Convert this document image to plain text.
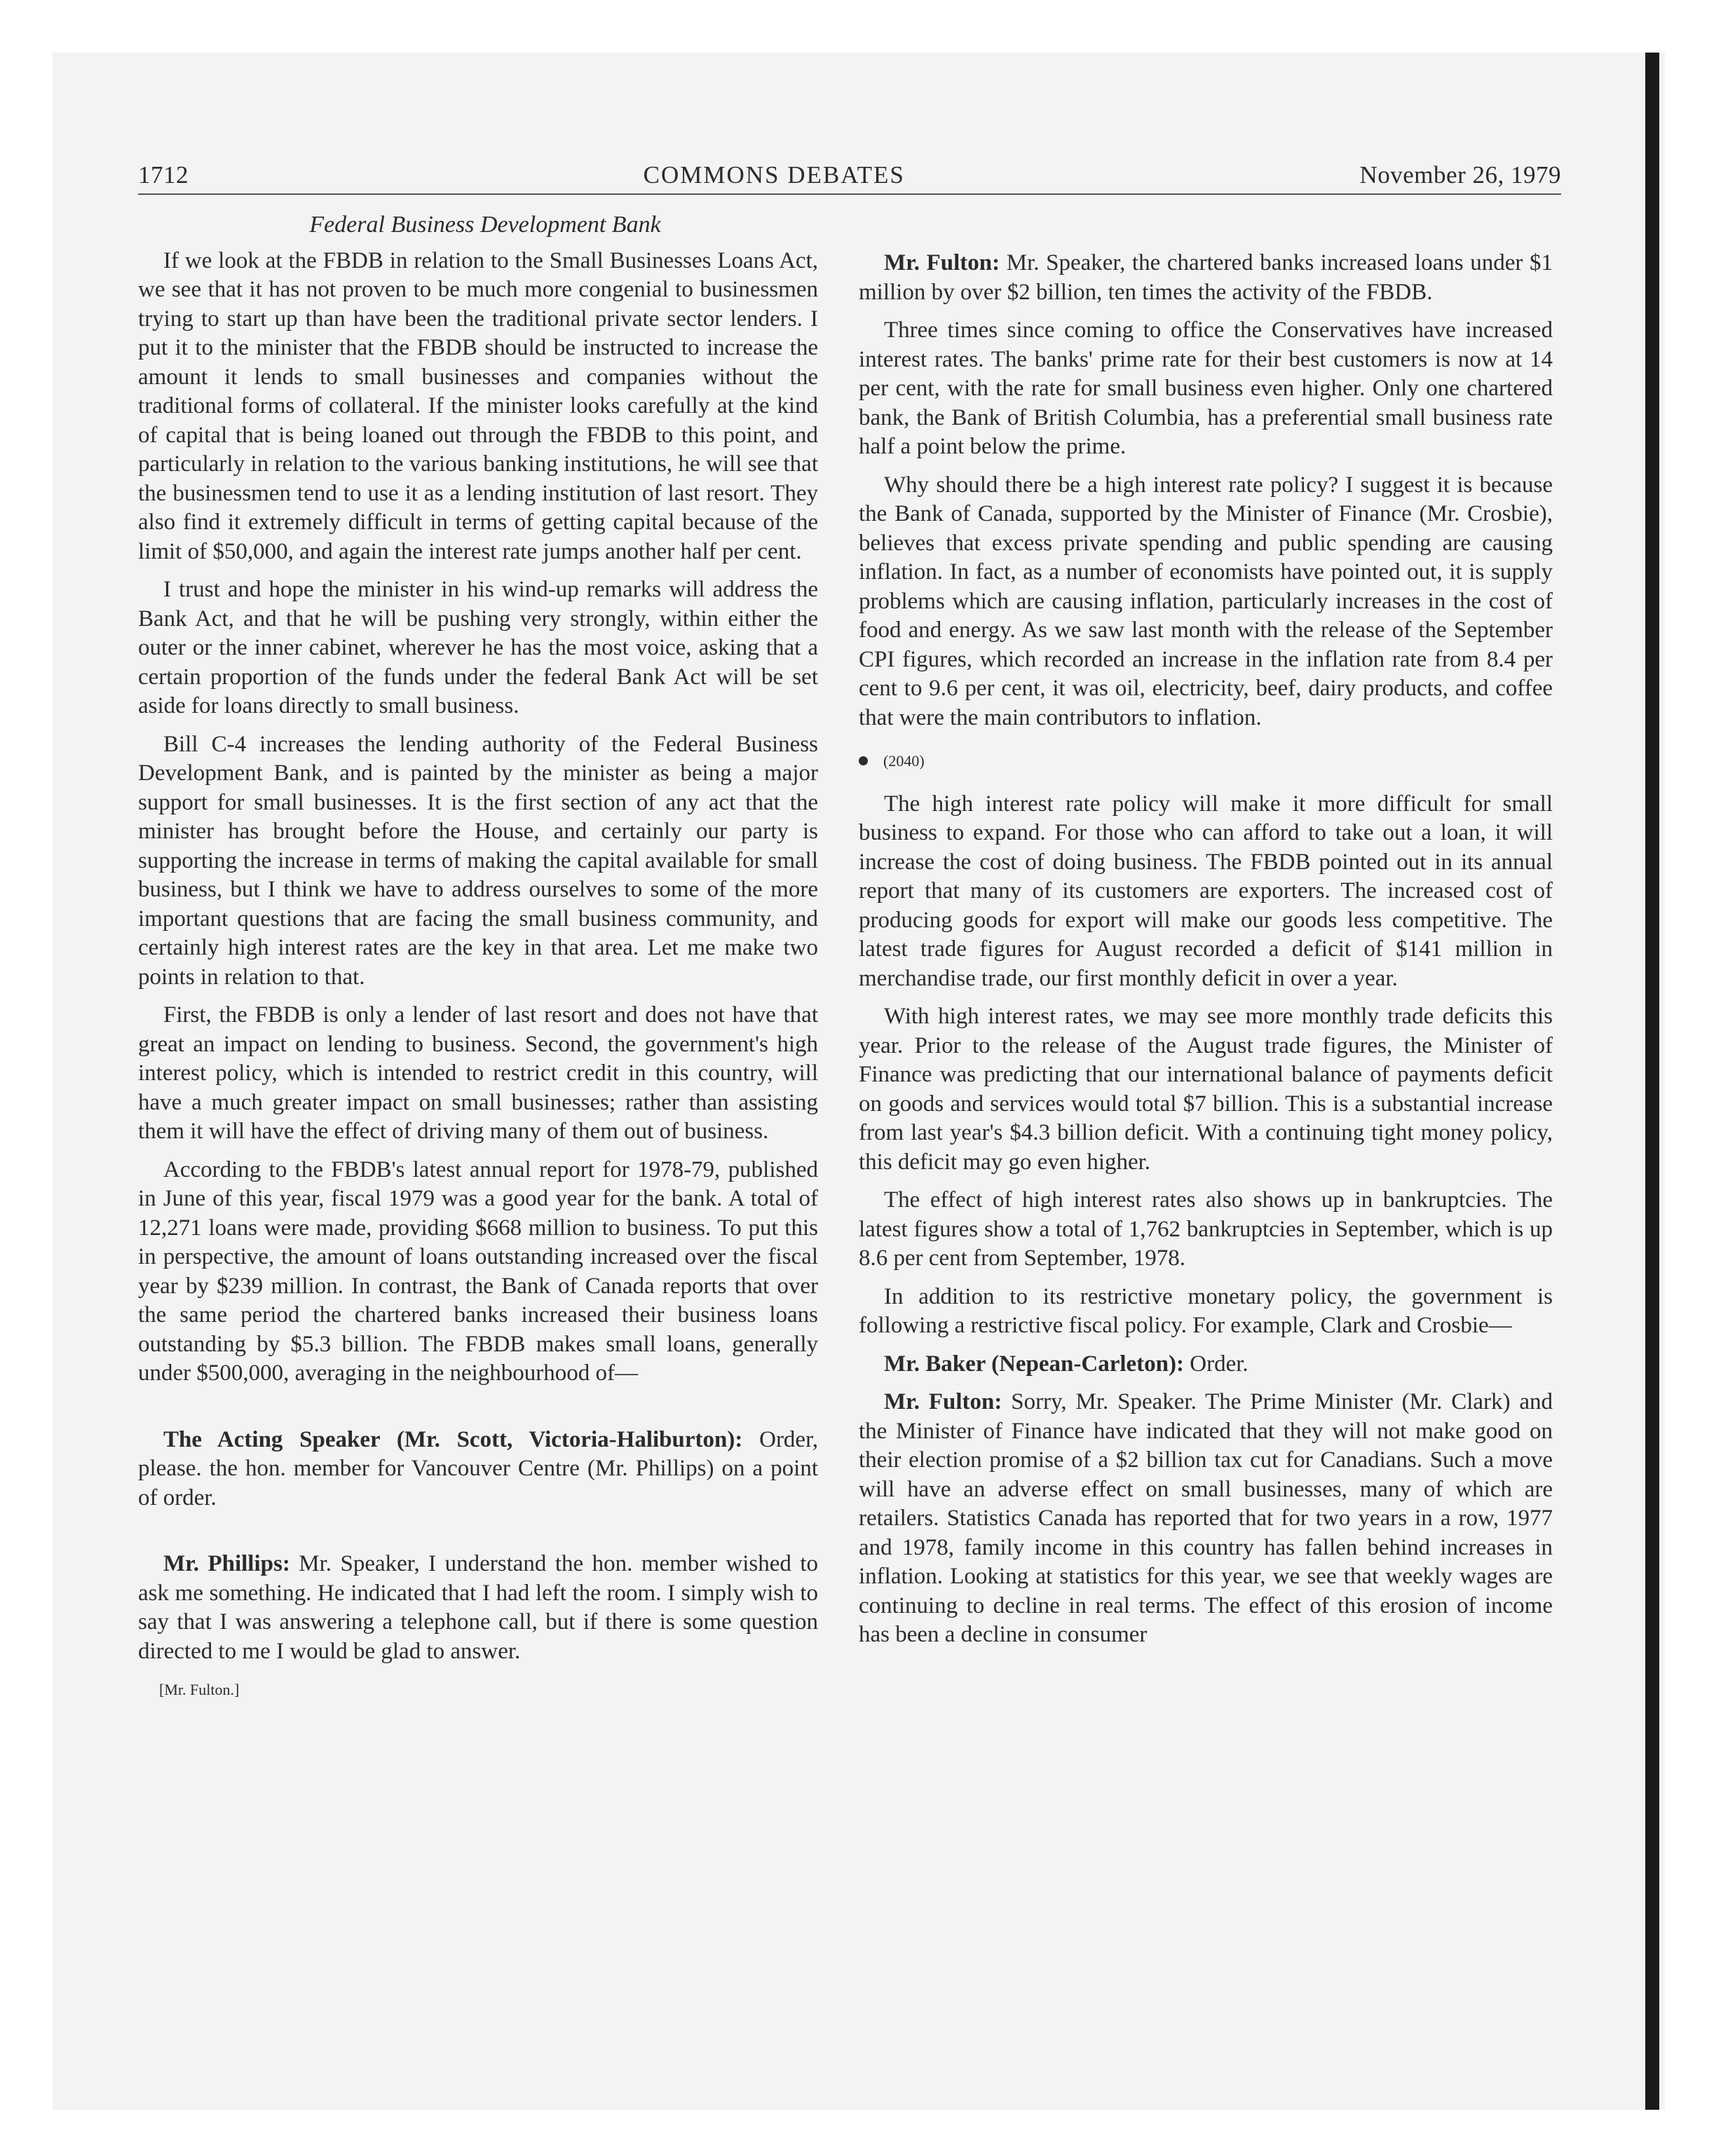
1712	COMMONS DEBATES	November 26, 1979
Federal Business Development Bank

If we look at the FBDB in relation to the Small Businesses Loans Act, we see that it has not proven to be much more congenial to businessmen trying to start up than have been the traditional private sector lenders. I put it to the minister that the FBDB should be instructed to increase the amount it lends to small businesses and companies without the traditional forms of collateral. If the minister looks carefully at the kind of capital that is being loaned out through the FBDB to this point, and particularly in relation to the various banking institutions, he will see that the businessmen tend to use it as a lending institution of last resort. They also find it extremely difficult in terms of getting capital because of the limit of $50,000, and again the interest rate jumps another half per cent.

I trust and hope the minister in his wind-up remarks will address the Bank Act, and that he will be pushing very strongly, within either the outer or the inner cabinet, wherever he has the most voice, asking that a certain proportion of the funds under the federal Bank Act will be set aside for loans directly to small business.

Bill C-4 increases the lending authority of the Federal Business Development Bank, and is painted by the minister as being a major support for small businesses. It is the first section of any act that the minister has brought before the House, and certainly our party is supporting the increase in terms of making the capital available for small business, but I think we have to address ourselves to some of the more important questions that are facing the small business community, and certainly high interest rates are the key in that area. Let me make two points in relation to that.

First, the FBDB is only a lender of last resort and does not have that great an impact on lending to business. Second, the government's high interest policy, which is intended to restrict credit in this country, will have a much greater impact on small businesses; rather than assisting them it will have the effect of driving many of them out of business.

According to the FBDB's latest annual report for 1978-79, published in June of this year, fiscal 1979 was a good year for the bank. A total of 12,271 loans were made, providing $668 million to business. To put this in perspective, the amount of loans outstanding increased over the fiscal year by $239 million. In contrast, the Bank of Canada reports that over the same period the chartered banks increased their business loans outstanding by $5.3 billion. The FBDB makes small loans, generally under $500,000, averaging in the neighbourhood of—

The Acting Speaker (Mr. Scott, Victoria-Haliburton): Order, please. the hon. member for Vancouver Centre (Mr. Phillips) on a point of order.

Mr. Phillips: Mr. Speaker, I understand the hon. member wished to ask me something. He indicated that I had left the room. I simply wish to say that I was answering a telephone call, but if there is some question directed to me I would be glad to answer.

[Mr. Fulton.]

Mr. Fulton: Mr. Speaker, the chartered banks increased loans under $1 million by over $2 billion, ten times the activity of the FBDB.

Three times since coming to office the Conservatives have increased interest rates. The banks' prime rate for their best customers is now at 14 per cent, with the rate for small business even higher. Only one chartered bank, the Bank of British Columbia, has a preferential small business rate half a point below the prime.

Why should there be a high interest rate policy? I suggest it is because the Bank of Canada, supported by the Minister of Finance (Mr. Crosbie), believes that excess private spending and public spending are causing inflation. In fact, as a number of economists have pointed out, it is supply problems which are causing inflation, particularly increases in the cost of food and energy. As we saw last month with the release of the September CPI figures, which recorded an increase in the inflation rate from 8.4 per cent to 9.6 per cent, it was oil, electricity, beef, dairy products, and coffee that were the main contributors to inflation.

(2040)

The high interest rate policy will make it more difficult for small business to expand. For those who can afford to take out a loan, it will increase the cost of doing business. The FBDB pointed out in its annual report that many of its customers are exporters. The increased cost of producing goods for export will make our goods less competitive. The latest trade figures for August recorded a deficit of $141 million in merchandise trade, our first monthly deficit in over a year.

With high interest rates, we may see more monthly trade deficits this year. Prior to the release of the August trade figures, the Minister of Finance was predicting that our international balance of payments deficit on goods and services would total $7 billion. This is a substantial increase from last year's $4.3 billion deficit. With a continuing tight money policy, this deficit may go even higher.

The effect of high interest rates also shows up in bankruptcies. The latest figures show a total of 1,762 bankruptcies in September, which is up 8.6 per cent from September, 1978.

In addition to its restrictive monetary policy, the government is following a restrictive fiscal policy. For example, Clark and Crosbie—

Mr. Baker (Nepean-Carleton): Order.

Mr. Fulton: Sorry, Mr. Speaker. The Prime Minister (Mr. Clark) and the Minister of Finance have indicated that they will not make good on their election promise of a $2 billion tax cut for Canadians. Such a move will have an adverse effect on small businesses, many of which are retailers. Statistics Canada has reported that for two years in a row, 1977 and 1978, family income in this country has fallen behind increases in inflation. Looking at statistics for this year, we see that weekly wages are continuing to decline in real terms. The effect of this erosion of income has been a decline in consumer
